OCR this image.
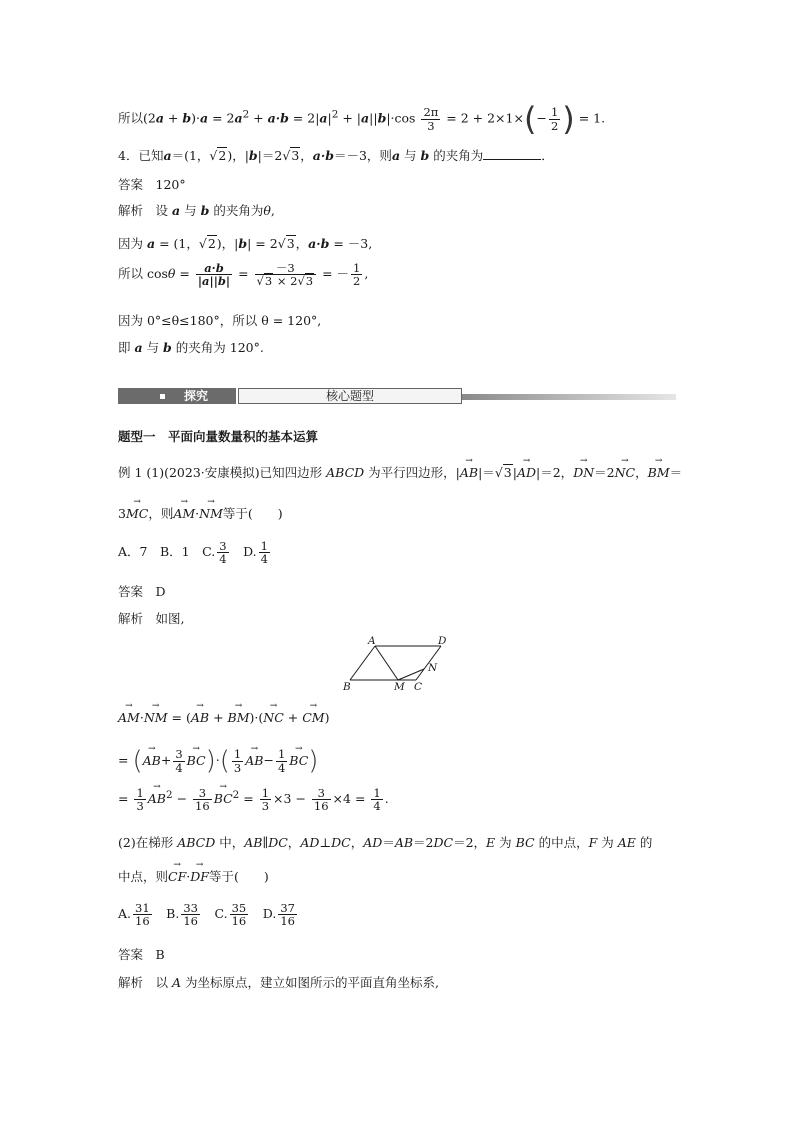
所以$(2a + b)\cdot a = 2a^2 + a\cdot b = 2|a|^2 + |a||b|\cdot\cos \frac{2\pi}{3} = 2 + 2\times 1\times(- \frac{1}{2}$ ) = 1.
4．已知a＝(1，√2)，|b|＝2√3，a·b＝－3，则a 与 b 的夹角为	．
答案　 120°
解析　 设 a 与 b 的夹角为θ,
因为 a = (1，√2)，|b| = 2√3，a·b = －3,
所以 $\cos\theta = \frac{a\cdot b}{|a||b|} = \frac{-3}{√3 \times 2√3}$ = － $\frac{1}{2}$ ,
因为 0°≤θ≤180°，所以 θ = 120°,
即 a 与 b 的夹角为 120°.
探究	核心题型
题型一　平面向量数量积的基本运算
例 1 (1)(2023·安康模拟)已知四边形 ABCD 为平行四边形，|→ AB|＝√3|→ AD|＝2，→ DN＝2→ NC，→ BM＝
3→ MC，则→ AM·→ NM等于(　　)
A．7　 B．1　 C. $\frac{3}{4}$
　 D. $\frac{1}{4}$
答案　 D
解析　 如图,
A	D
B	M C
N
→ AM·→ NM = (→ AB + → BM)·(→ NC + → CM)
= (→ $AB+ \frac{3}{4}$
→ $BC)\cdot( \frac{1}{3}$
→ $AB- \frac{1}{4}$
→ BC)
= $\frac{1}{3}$
→ $AB^2 - \frac{3}{16}$
→ $BC^2 = \frac{1}{3} \times 3 - \frac{3}{16} \times 4 = \frac{1}{4}$ .
(2)在梯形 ABCD 中，AB∥DC，AD⊥DC，AD＝AB＝2DC＝2，E 为 BC 的中点，F 为 AE 的
中点，则→ CF·→ DF等于(　　)
A. $\frac{31}{16}$
　 B. $\frac{33}{16}$
　 C. $\frac{35}{16}$
　 D. $\frac{37}{16}$
答案　 B
解析　 以 A 为坐标原点，建立如图所示的平面直角坐标系,
